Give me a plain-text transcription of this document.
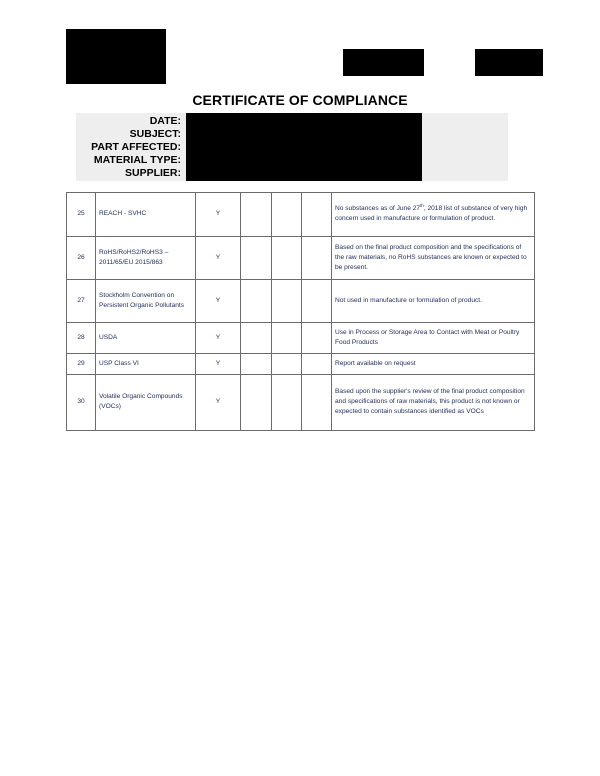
CERTIFICATE OF COMPLIANCE
DATE:
SUBJECT:
PART AFFECTED:
MATERIAL TYPE:
SUPPLIER:
25	REACH - SVHC	Y				No substances as of June 27th, 2018 list of substance of very high concern used in manufacture or formulation of product.
26	RoHS/RoHS2/RoHS3 – 2011/65/EU 2015/863	Y				Based on the final product composition and the specifications of the raw materials, no RoHS substances are known or expected to be present.
27	Stockholm Convention on Persistent Organic Pollutants	Y				Not used in manufacture or formulation of product.
28	USDA	Y				Use in Process or Storage Area to Contact with Meat or Poultry Food Products
29	USP Class VI	Y				Report available on request
30	Volatile Organic Compounds (VOCs)	Y				Based upon the supplier's review of the final product composition and specifications of raw materials, this product is not known or expected to contain substances identified as VOCs
